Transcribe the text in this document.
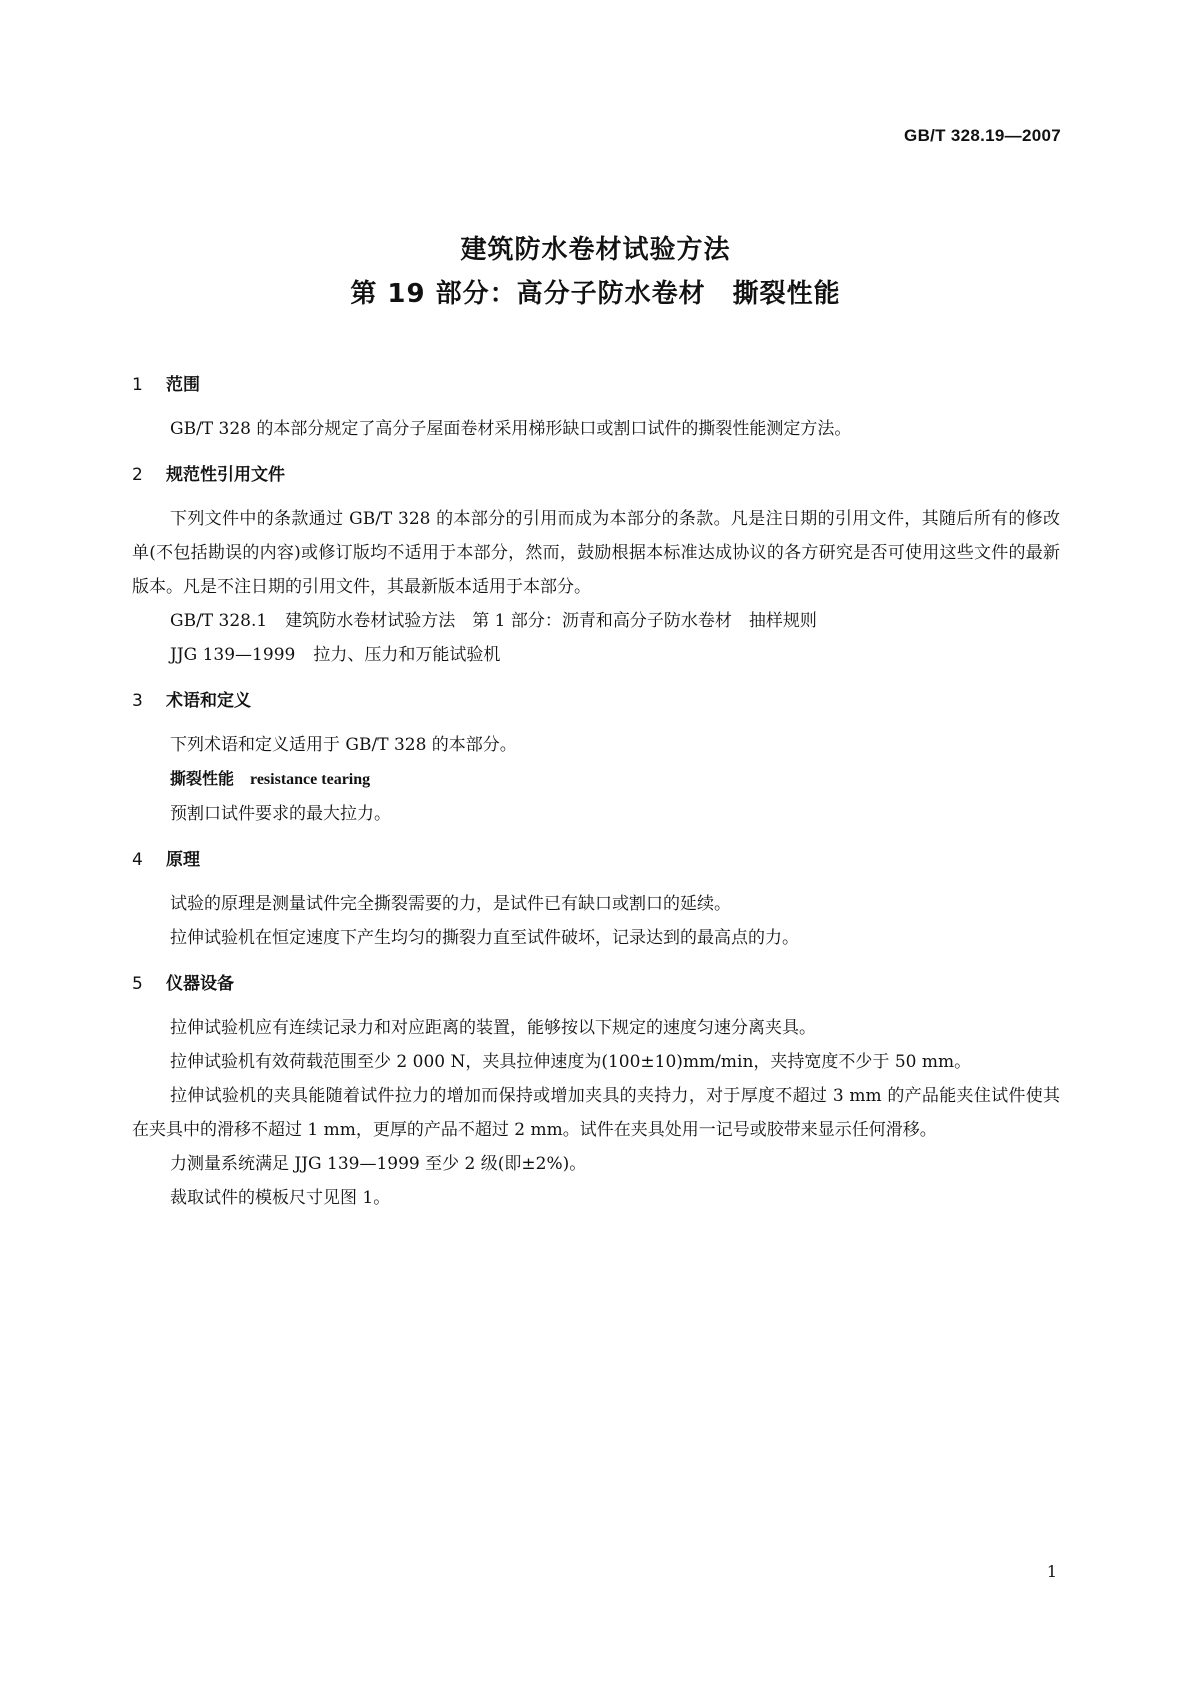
GB/T 328.19—2007
建筑防水卷材试验方法
第 19 部分：高分子防水卷材　撕裂性能

1 范围

GB/T 328 的本部分规定了高分子屋面卷材采用梯形缺口或割口试件的撕裂性能测定方法。

2 规范性引用文件

下列文件中的条款通过 GB/T 328 的本部分的引用而成为本部分的条款。凡是注日期的引用文件，其随后所有的修改单(不包括勘误的内容)或修订版均不适用于本部分，然而，鼓励根据本标准达成协议的各方研究是否可使用这些文件的最新版本。凡是不注日期的引用文件，其最新版本适用于本部分。

GB/T 328.1 建筑防水卷材试验方法　第 1 部分：沥青和高分子防水卷材　抽样规则

JJG 139—1999 拉力、压力和万能试验机

3 术语和定义

下列术语和定义适用于 GB/T 328 的本部分。

撕裂性能 resistance tearing

预割口试件要求的最大拉力。

4 原理

试验的原理是测量试件完全撕裂需要的力，是试件已有缺口或割口的延续。

拉伸试验机在恒定速度下产生均匀的撕裂力直至试件破坏，记录达到的最高点的力。

5 仪器设备

拉伸试验机应有连续记录力和对应距离的装置，能够按以下规定的速度匀速分离夹具。

拉伸试验机有效荷载范围至少 2 000 N，夹具拉伸速度为(100±10)mm/min，夹持宽度不少于 50 mm。

拉伸试验机的夹具能随着试件拉力的增加而保持或增加夹具的夹持力，对于厚度不超过 3 mm 的产品能夹住试件使其在夹具中的滑移不超过 1 mm，更厚的产品不超过 2 mm。试件在夹具处用一记号或胶带来显示任何滑移。

力测量系统满足 JJG 139—1999 至少 2 级(即±2%)。

裁取试件的模板尺寸见图 1。

1
